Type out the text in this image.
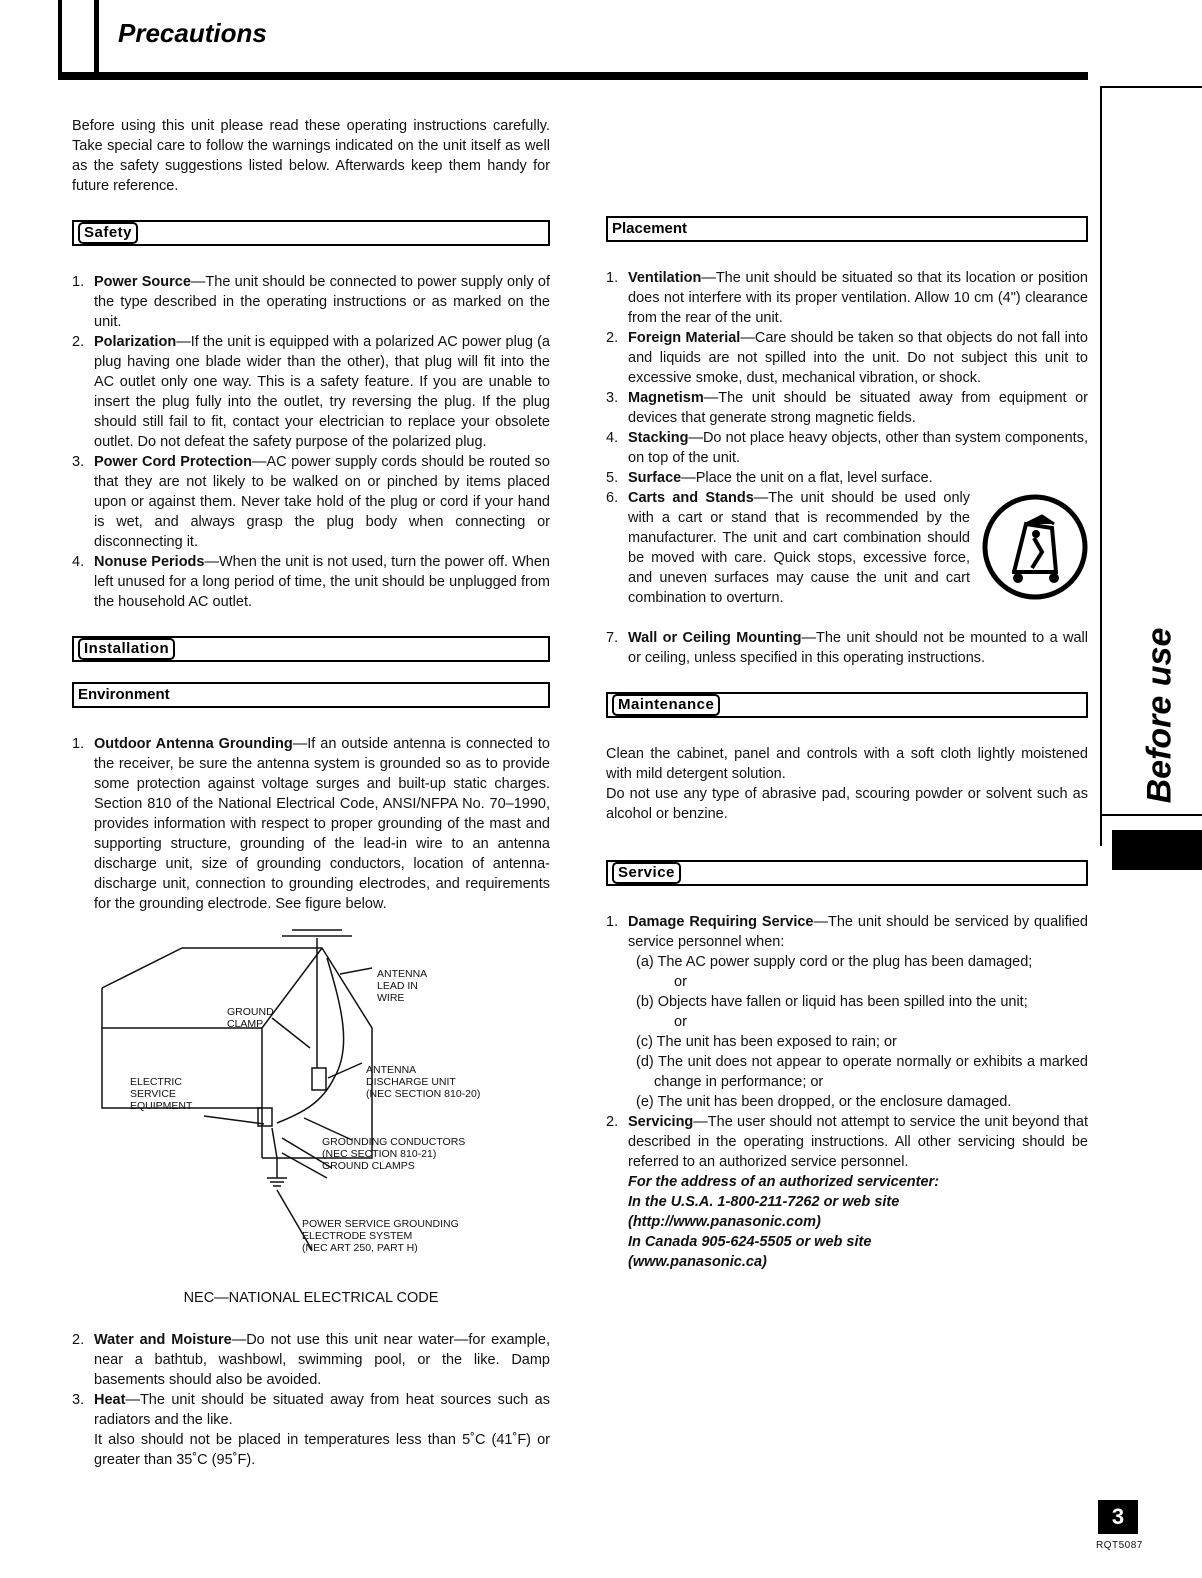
Precautions
Before use

Before using this unit please read these operating instructions carefully. Take special care to follow the warnings indicated on the unit itself as well as the safety suggestions listed below. Afterwards keep them handy for future reference.

Safety
1. Power Source—The unit should be connected to power supply only of the type described in the operating instructions or as marked on the unit.
2. Polarization—If the unit is equipped with a polarized AC power plug (a plug having one blade wider than the other), that plug will fit into the AC outlet only one way. This is a safety feature. If you are unable to insert the plug fully into the outlet, try reversing the plug. If the plug should still fail to fit, contact your electrician to replace your obsolete outlet. Do not defeat the safety purpose of the polarized plug.
3. Power Cord Protection—AC power supply cords should be routed so that they are not likely to be walked on or pinched by items placed upon or against them. Never take hold of the plug or cord if your hand is wet, and always grasp the plug body when connecting or disconnecting it.
4. Nonuse Periods—When the unit is not used, turn the power off. When left unused for a long period of time, the unit should be unplugged from the household AC outlet.
Installation
Environment
1. Outdoor Antenna Grounding—If an outside antenna is connected to the receiver, be sure the antenna system is grounded so as to provide some protection against voltage surges and built-up static charges. Section 810 of the National Electrical Code, ANSI/NFPA No. 70–1990, provides information with respect to proper grounding of the mast and supporting structure, grounding of the lead-in wire to an antenna discharge unit, size of grounding conductors, location of antenna-discharge unit, connection to grounding electrodes, and requirements for the grounding electrode. See figure below.
ANTENNA
LEAD IN
WIRE
GROUND
CLAMP
ANTENNA
DISCHARGE UNIT
(NEC SECTION 810-20)
ELECTRIC
SERVICE
EQUIPMENT
GROUNDING CONDUCTORS
(NEC SECTION 810-21)
GROUND CLAMPS
POWER SERVICE GROUNDING
ELECTRODE SYSTEM
(NEC ART 250, PART H)
NEC—NATIONAL ELECTRICAL CODE
2. Water and Moisture—Do not use this unit near water—for example, near a bathtub, washbowl, swimming pool, or the like. Damp basements should also be avoided.
3. Heat—The unit should be situated away from heat sources such as radiators and the like.
It also should not be placed in temperatures less than 5˚C (41˚F) or greater than 35˚C (95˚F).
Placement
1. Ventilation—The unit should be situated so that its location or position does not interfere with its proper ventilation. Allow 10 cm (4") clearance from the rear of the unit.
2. Foreign Material—Care should be taken so that objects do not fall into and liquids are not spilled into the unit. Do not subject this unit to excessive smoke, dust, mechanical vibration, or shock.
3. Magnetism—The unit should be situated away from equipment or devices that generate strong magnetic fields.
4. Stacking—Do not place heavy objects, other than system components, on top of the unit.
5. Surface—Place the unit on a flat, level surface.
6. Carts and Stands—The unit should be used only with a cart or stand that is recommended by the manufacturer. The unit and cart combination should be moved with care. Quick stops, excessive force, and uneven surfaces may cause the unit and cart combination to overturn.
7. Wall or Ceiling Mounting—The unit should not be mounted to a wall or ceiling, unless specified in this operating instructions.
Maintenance
Clean the cabinet, panel and controls with a soft cloth lightly moistened with mild detergent solution.
Do not use any type of abrasive pad, scouring powder or solvent such as alcohol or benzine.
Service
1. Damage Requiring Service—The unit should be serviced by qualified service personnel when:
(a) The AC power supply cord or the plug has been damaged;
or
(b) Objects have fallen or liquid has been spilled into the unit;
or
(c) The unit has been exposed to rain; or
(d) The unit does not appear to operate normally or exhibits a marked change in performance; or
(e) The unit has been dropped, or the enclosure damaged.
2. Servicing—The user should not attempt to service the unit beyond that described in the operating instructions. All other servicing should be referred to an authorized service personnel.
For the address of an authorized servicenter:
In the U.S.A. 1-800-211-7262 or web site
(http://www.panasonic.com)
In Canada 905-624-5505 or web site
(www.panasonic.ca)
3
RQT5087
